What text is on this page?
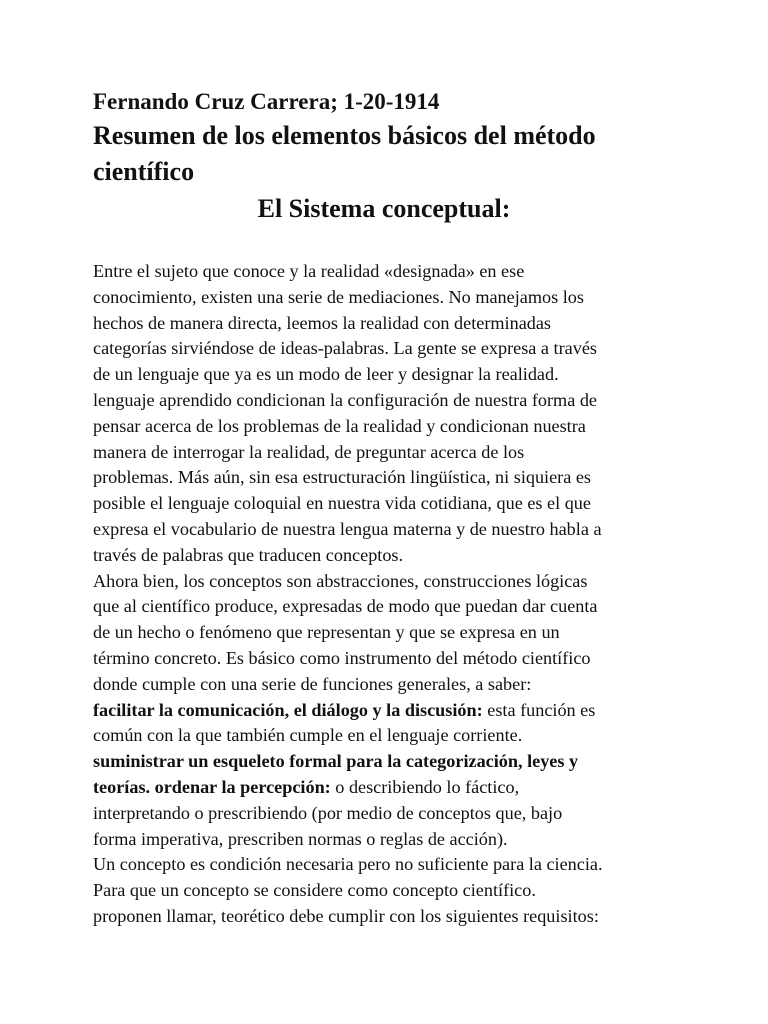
Fernando Cruz Carrera; 1-20-1914
Resumen de los elementos básicos del método
científico
El Sistema conceptual:
Entre el sujeto que conoce y la realidad «designada» en ese
conocimiento, existen una serie de mediaciones. No manejamos los
hechos de manera directa, leemos la realidad con determinadas
categorías sirviéndose de ideas-palabras. La gente se expresa a través
de un lenguaje que ya es un modo de leer y designar la realidad.
lenguaje aprendido condicionan la configuración de nuestra forma de
pensar acerca de los problemas de la realidad y condicionan nuestra
manera de interrogar la realidad, de preguntar acerca de los
problemas. Más aún, sin esa estructuración lingüística, ni siquiera es
posible el lenguaje coloquial en nuestra vida cotidiana, que es el que
expresa el vocabulario de nuestra lengua materna y de nuestro habla a
través de palabras que traducen conceptos.
Ahora bien, los conceptos son abstracciones, construcciones lógicas
que al científico produce, expresadas de modo que puedan dar cuenta
de un hecho o fenómeno que representan y que se expresa en un
término concreto. Es básico como instrumento del método científico
donde cumple con una serie de funciones generales, a saber:
facilitar la comunicación, el diálogo y la discusión: esta función es
común con la que también cumple en el lenguaje corriente.
suministrar un esqueleto formal para la categorización, leyes y
teorías. ordenar la percepción: o describiendo lo fáctico,
interpretando o prescribiendo (por medio de conceptos que, bajo
forma imperativa, prescriben normas o reglas de acción).
Un concepto es condición necesaria pero no suficiente para la ciencia.
Para que un concepto se considere como concepto científico.
proponen llamar, teorético debe cumplir con los siguientes requisitos:
